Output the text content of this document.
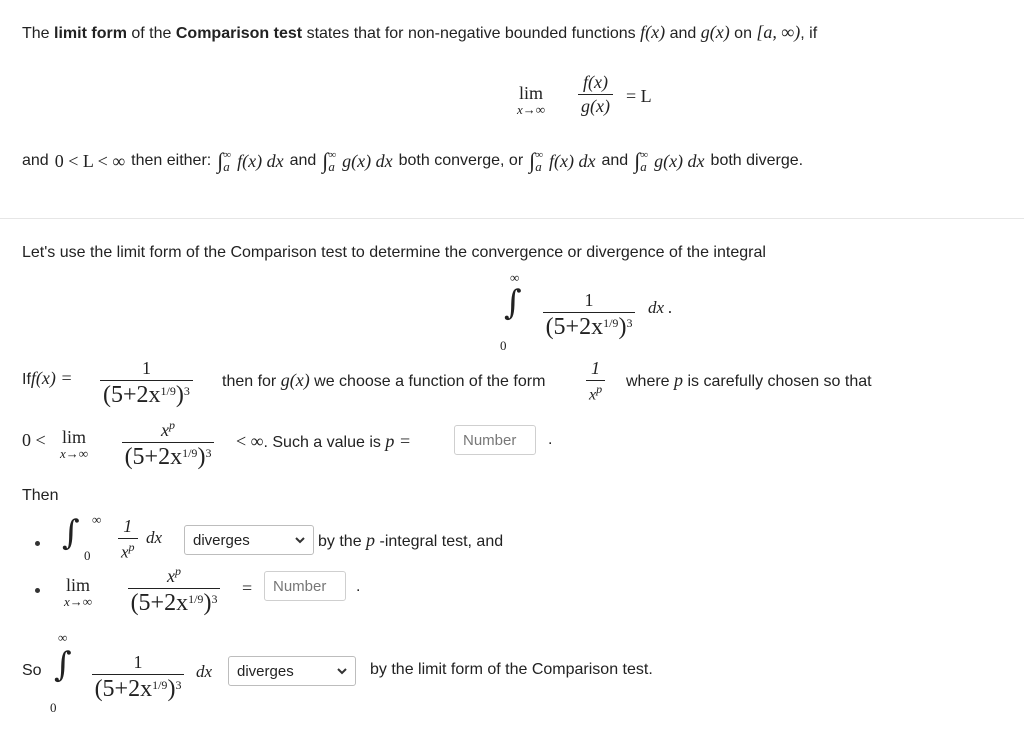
The limit form of the Comparison test states that for non-negative bounded functions f(x) and g(x) on [a, ∞), if
lim
$x\to\infty \frac{f(x)}{g(x)} = L$
and 0 < L < ∞ then either: ∫ ∞
a f(x) dx and ∫ ∞
a g(x) dx both converge, or ∫ ∞
a f(x) dx and ∫ ∞
a g(x) dx both diverge.
Let's use the limit form of the Comparison test to determine the convergence or divergence of the integral
∞
∫
0
$\frac{1}{(5+2x^{1/9})^3}$ dx .
$Iff(x) = \frac{1}{(5+2x^{1/9})^3}$ then for g(x) we choose a function of the form $\frac{1}{x^p}$ where p is carefully chosen so that
0 < lim
$x\to\infty \frac{x^p}{(5+2x^{1/9})^3}$ < ∞. Such a value is p =	Number	.
Then
∫ ∞
$0 \frac{1}{x^p}$ dx	diverges	by the p -integral test, and
lim
$x\to\infty \frac{x^p}{(5+2x^{1/9})^3}$ =	Number	.
So
∞
∫
0
$\frac{1}{(5+2x^{1/9})^3}$ dx	diverges	by the limit form of the Comparison test.
